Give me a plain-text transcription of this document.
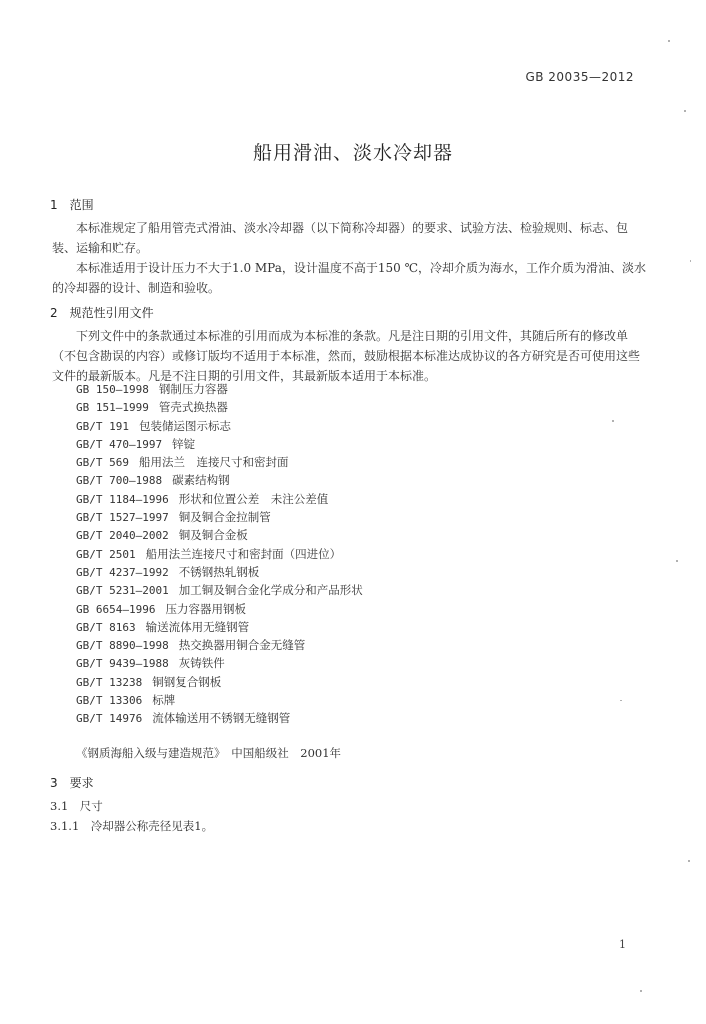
GB 20035—2012
船用滑油、淡水冷却器
1　范围
本标准规定了船用管壳式滑油、淡水冷却器（以下简称冷却器）的要求、试验方法、检验规则、标志、包装、运输和贮存。
本标准适用于设计压力不大于1.0 MPa，设计温度不高于150 ℃，冷却介质为海水，工作介质为滑油、淡水的冷却器的设计、制造和验收。
2　规范性引用文件
下列文件中的条款通过本标准的引用而成为本标准的条款。凡是注日期的引用文件，其随后所有的修改单（不包含勘误的内容）或修订版均不适用于本标准，然而，鼓励根据本标准达成协议的各方研究是否可使用这些文件的最新版本。凡是不注日期的引用文件，其最新版本适用于本标准。
GB 150—1998 钢制压力容器
GB 151—1999 管壳式换热器
GB/T 191 包装储运图示标志
GB/T 470—1997 锌锭
GB/T 569 船用法兰　连接尺寸和密封面
GB/T 700—1988 碳素结构钢
GB/T 1184—1996 形状和位置公差　未注公差值
GB/T 1527—1997 铜及铜合金拉制管
GB/T 2040—2002 铜及铜合金板
GB/T 2501 船用法兰连接尺寸和密封面（四进位）
GB/T 4237—1992 不锈钢热轧钢板
GB/T 5231—2001 加工铜及铜合金化学成分和产品形状
GB 6654—1996 压力容器用钢板
GB/T 8163 输送流体用无缝钢管
GB/T 8890—1998 热交换器用铜合金无缝管
GB/T 9439—1988 灰铸铁件
GB/T 13238 铜钢复合钢板
GB/T 13306 标牌
GB/T 14976 流体输送用不锈钢无缝钢管
《钢质海船入级与建造规范》　中国船级社　2001年
3　要求
3.1　尺寸
3.1.1　冷却器公称壳径见表1。
1
